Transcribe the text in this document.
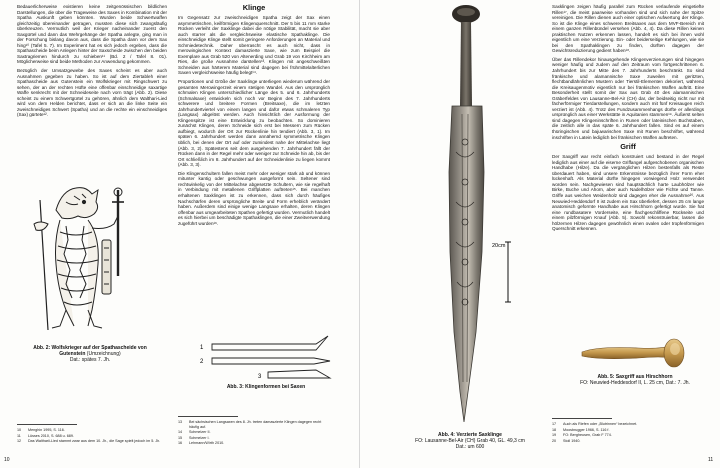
Bedauerlicherweise existieren keine zeitgenössischen bildlichen Darstellungen, die über die Trageweise des Saxes in Kombination mit der Spatha Auskunft geben könnten. Wurden beide Schwertwaffen gleichzeitig übereinander getragen, mussten diese sich zwangsläufig überkreuzen. Vermutlich weil der Krieger nacheinander zuerst den Saxgürtel und dann das Wehrgehänge der Spatha anlegte, ging man in der Forschung bislang davon aus, dass die Spatha dann vor dem Sax hing¹⁰ (Tafel 5. 7). Im Experiment hat es sich jedoch ergeben, dass die Spathascheide beim Anlegen hinter der Saxscheide zwischen den beiden Saxtragriemen hindurch zu schieben¹¹ (Bd. 2 / Tafel 8. 01). Möglicherweise sind beide Methoden zur Anwendung gekommen.

Bezüglich der Umsatzgewebe des Saxes scheint es aber auch Ausnahmen gegeben zu haben. So ist auf dem Ziertableh einer Spathascheide aus Gutenstein ein Wolfskrieger mit Ringschwert zu sehen, der an der rechten Hüfte eine offenbar einschneidige saxartige Waffe senkrecht mit der Schneideseite nach vorn trägt (Abb. 2). Diese scheint zu einem Schwertgürtel zu gehören, ähnlich dem Walthari-Lied wird von dem Helden berichtet, dass er sich an die linke Seite ein zweischneidiges Schwert (Spatha) und an die rechte ein einschneidiges (Sax) gürtete¹².

Abb. 2: Wolfskrieger auf der Spathascheide von Gutenstein (Umzeichnung)
Dat.: spätes 7. Jh.
Klinge

Im Gegensatz zur zweischneidigen Spatha zeigt der Sax einen asymmetrischen, keilförmigen Klingenquerschnitt. Der 5 bis 11 mm starke Rücken verleiht der Saxklinge dabei die nötige Stabilität, macht sie aber auch starrer als die vergleichsweise elastische Spathaklinge. Die einschneidige Klinge stellt somit geringere Anforderungen an Material und Schmiedetechnik. Daher überrascht es auch nicht, dass in merowingischen Kontext damaszierte Saxe, wie zum Beispiel die Exemplare aus Grab 520 von Altenerding und Grab 19 von Kirchheim am Ries, die große Ausnahme darstellen¹³. Klingen mit angeschweißten Schneiden aus härterem Material sind dagegen bei frühmittelalterlichen Saxen vergleichsweise häufig belegt¹⁴.

Proportionen und Größe der Saxklinge unterliegen wiederum während der gesamten Merowingerzeit einem stetigen Wandel. Aus den ursprünglich schmalen Klingen unterschiedlicher Länge des 5. und 6. Jahrhunderts (Schmalsaxe) entwickeln sich noch vor Beginn des 7. Jahrhunderts schwerere und breitere Formen (Breitsaxe), die im letzten Jahrhundertviertel von einem langen und dafür etwas schmaleren Typ (Langsax) abgelöst werden. Auch hinsichtlich der Ausformung der Klingenspitze ist eine Entwicklung zu beobachten. So dominieren zunächst Klingen, deren Schneide sich erst bei Messern zum Rücken aufbiegt, wodurch der Ort zur Rückenlinie hin tendiert (Abb. 3, 1). Im späten 6. Jahrhundert werden dann annähernd symmetrische Klingen üblich, bei denen der Ort auf oder zumindest nahe der Mittelachse liegt (Abb. 3, 2). Spätestens seit dem ausgehenden 7. Jahrhundert fällt der Rücken dann in der Regel mehr oder weniger zur Schneide hin ab, bis der Ort schließlich im 8. Jahrhundert auf der Schneidenlinie zu liegen kommt (Abb. 3, 3).

Die Klingenschultern fallen meist mehr oder weniger stark ab und können mitunter kantig oder geschwungen ausgeformt sein. Seltener sind rechtwinkelig von der Mittelachse abgesetzte Schultern, wie sie regelhaft in Verbindung mit metallenen Griffplatten auftreten¹⁵. Bei manchen erhaltenen Saxklingen ist zu erkennen, dass sich durch häufiges Nachschärfen deren ursprüngliche Breite und Form erheblich verändert haben. Außerdem sind einige wenige Langsaxe erhalten, deren Klingen offenbar aus umgearbeiteten Spathen gefertigt wurden. Vermutlich handelt es sich hierbei um beschädigte Spathaklingen, die einer Zweitverwendung zugeführt wurden¹⁶.

1
2
3
Abb. 3: Klingenformen bei Saxen
10	Menghin 1995, S. 116.
11	Lüsses 2010, S. 688 u. 689.
12	Das Waltharii-Lied stammt zwar aus dem 10. Jh., die Sage spielt jedoch im 5. Jh.
13	Bei sächsischen Langsaxen des 8. Jh. treten damaszierte Klingen dagegen recht häufig auf.
14	Schmelzer II.
15	Schmelzer I.
16	Lehmann/Wirth 2010.
10
20cm
Abb. 4: Verzierte Saxklinge
FO: Lausanne-Bel-Air (CH) Grab 40, GL. 49,3 cm
Dat.: um 600

Saxklingen zeigen häufig parallel zum Rücken verlaufende eingetiefte Rillen¹⁷, die meist paarweise vorhanden sind und sich nahe der Spitze vereinigen. Die Rillen dienen auch einer optischen Aufwertung der Klinge. So ist die Klinge eines schweren Breitsaxes aus dem MVF-Bereich mit einem ganzen Rillenbündel versehen (Abb. 4, 4). Da diese Rillen keinen praktischen Nutzen erkennen lassen, handelt es sich bei ihnen wohl eigentlich um eine Verzierung. Ein- oder beiderseitige Kehlungen, wie sie bei den Spathaklingen zu finden, dürften dagegen der Gewichtsreduzierung gedient haben¹⁸.

Über das Rillendekor hinausgehende Klingenverzierungen sind hingegen weniger häufig und zudem auf den Zeitraum vom fortgeschrittenen 6. Jahrhundert bis zur Mitte des 7. Jahrhunderts beschränkt. So sind fränkische und alamannische Saxe zuweilen mit geritzten, flechtbandlähnlichen Mustern oder Tierstil-Elementen dekoriert, während die Kreisaugenmotiv eigentlich nur bei fränkischen Waffen auftritt. Eine Besonderheit stellt somit der Sax aus Grab 40 des alamannischen Gräberfeldes von Lausanne-Bel-Air (CH) dar, der beidseitig nicht nur mit fächerförmiger Tierdarstellungen, sondern auch mit fünf Kreisaugen reich verziert ist (Abb. 4). Trotz des Fundzusammenhangs dürfte er allerdings ursprünglich aus einer Werkstätte in Aquitanien stammen¹⁹. Äußerst selten sind dagegen Klingeninschriften in Runen oder lateinischen Buchstaben, die zeitlich alle in das späte 6. Jahrhundert fallen. Sind es auf einem thüringischen und bajuwarischen Saxe mit Runen beschriftet, während inschriften in Latein lediglich bei fränkischen Waffen auftreten.

Griff

Der Saxgriff war recht einfach konstruiert und bestand in der Regel lediglich aus einer auf die eiserne Griffangel aufgeschobenen organischen Handhabe (Hilze). Da die vergänglichen Hilzen bestenfalls als Reste überdauert haben, sind unsere Erkenntnisse bezüglich ihrer Form eher lückenhaft. Als Material dürfte hingegen vorwiegend Holz verwendet worden sein. Nachgewiesen sind hauptsächlich harte Laubhölzer wie Birke, Buche und Ahorn, aber auch Nadelhölzer wie Fichte und Tanne. Griffe aus weichen Weidenholz sind dagegen eher die Ausnahme²⁰. Aus Neuwied-Heddesdorf II ist zudem ein Sax überliefert, dessen 25 cm lange anatomisch geformte Handhabe aus Hirschhorn gefertigt wurde. Sie hat eine rundbasatere Vorderseite, eine flachgeschliffene Rückseite und einem pilzförmigen Knauf (Abb. 5). Sowohl rekonstruierbar, lassen die hölzernen Hilzen dagegen gewöhnlich einen ovalen oder tropfenförmigen Querschnitt erkennen.

Abb. 5: Saxgriff aus Hirschhorn
FO: Neuwied-Heddesdorf II, L. 25 cm, Dat.: 7. Jh.
17	Auch als Riefen oder „Blutrinnen“ bezeichnet.
18	Moosbrugger 1966, S. 116 f.
19	FO: Bergheusen, Grab F 774.
20	Stoll 1940.
11
